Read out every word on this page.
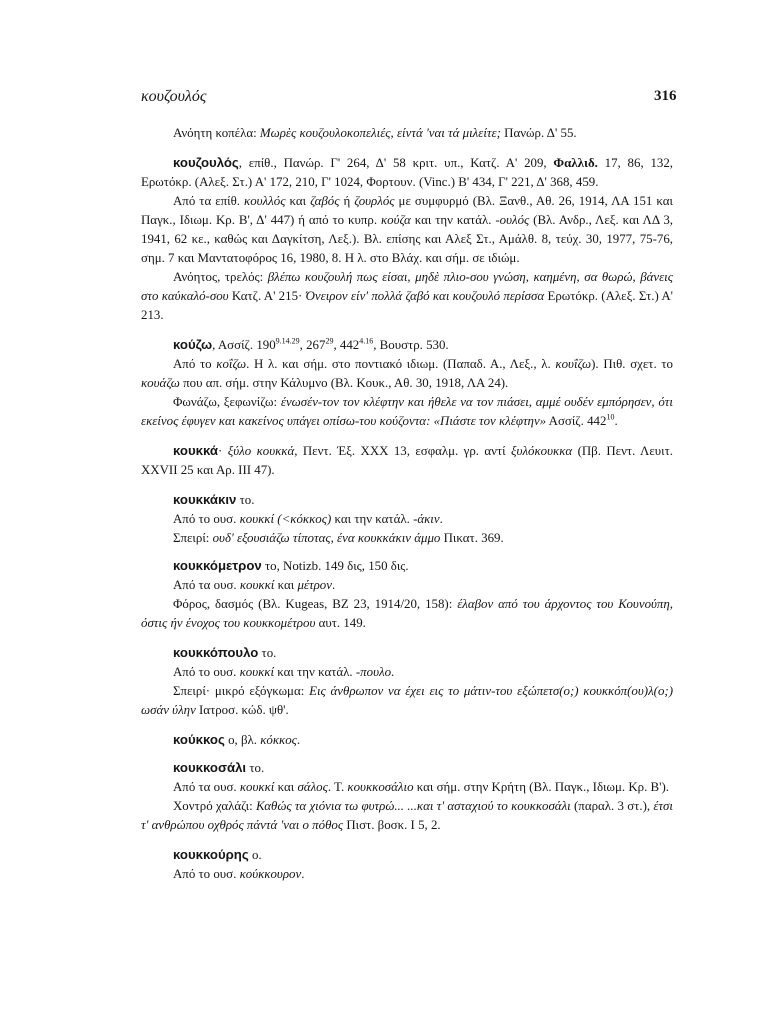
κουζουλός	316

Ανόητη κοπέλα: Μωρὲς κουζουλοκοπελιές, είντά 'ναι τά μιλείτε; Πανώρ. Δ' 55.

κουζουλός, επίθ., Πανώρ. Γ' 264, Δ' 58 κριτ. υπ., Κατζ. Α' 209, Φαλλιδ. 17, 86, 132, Ερωτόκρ. (Αλεξ. Στ.) Α' 172, 210, Γ' 1024, Φορτουν. (Vinc.) Β' 434, Γ' 221, Δ' 368, 459.

Από τα επίθ. κουλλός και ζαβός ή ζουρλός με συμφυρμό (Βλ. Ξανθ., Αθ. 26, 1914, ΛΑ 151 και Παγκ., Ιδιωμ. Κρ. Β', Δ' 447) ή από το κυπρ. κούζα και την κατάλ. -ουλός (Βλ. Ανδρ., Λεξ. και ΛΔ 3, 1941, 62 κε., καθώς και Δαγκίτση, Λεξ.). Βλ. επίσης και Αλεξ Στ., Αμάλθ. 8, τεύχ. 30, 1977, 75-76, σημ. 7 και Μαντατοφόρος 16, 1980, 8. Η λ. στο Βλάχ. και σήμ. σε ιδιώμ.

Ανόητος, τρελός: βλέπω κουζουλή πως είσαι, μηδὲ πλιο-σου γνώση, καημένη, σα θωρώ, βάνεις στο καύκαλό-σου Κατζ. Α' 215· Όνειρον είν' πολλά ζαβό και κουζουλό περίσσα Ερωτόκρ. (Αλεξ. Στ.) Α' 213.

κούζω, Ασσίζ. $190^{9.14.29}$, $267^{29}$, $442^{4.16}$, Βουστρ. 530.

Από το κοΐζω. Η λ. και σήμ. στο ποντιακό ιδιωμ. (Παπαδ. Α., Λεξ., λ. κουΐζω). Πιθ. σχετ. το κουάζω που απ. σήμ. στην Κάλυμνο (Βλ. Κουκ., Αθ. 30, 1918, ΛΑ 24).

Φωνάζω, ξεφωνίζω: ένωσέν-τον τον κλέφτην και ήθελε να τον πιάσει, αμμέ ουδέν εμπόρησεν, ότι εκείνος έφυγεν και κακείνος υπάγει οπίσω-του κούζοντα: «Πιάστε τον κλέφτην» Ασσίζ. $442^{10}$.

κουκκά· ξύλο κουκκά, Πεντ. Έξ. XXX 13, εσφαλμ. γρ. αντί ξυλόκουκκα (Πβ. Πεντ. Λευιτ. XXVII 25 και Αρ. III 47).

κουκκάκιν το.

Από το ουσ. κουκκί (<κόκκος) και την κατάλ. -άκιν.

Σπειρί: ουδ' εξουσιάζω τίποτας, ένα κουκκάκιν άμμο Πικατ. 369.

κουκκόμετρον το, Notizb. 149 δις, 150 δις.

Από τα ουσ. κουκκί και μέτρον.

Φόρος, δασμός (Βλ. Kugeas, BZ 23, 1914/20, 158): έλαβον από του άρχοντος του Κουνούπη, όστις ήν ένοχος του κουκκομέτρου αυτ. 149.

κουκκόπουλο το.

Από το ουσ. κουκκί και την κατάλ. -πουλο.

Σπειρί· μικρό εξόγκωμα: Εις άνθρωπον να έχει εις το μάτιν-του εξώπετσ(ο;) κουκκόπ(ου)λ(ο;) ωσάν ύλην Ιατροσ. κώδ. ψθ'.

κούκκος ο, βλ. κόκκος.

κουκκοσάλι το.

Από τα ουσ. κουκκί και σάλος. Τ. κουκκοσάλιο και σήμ. στην Κρήτη (Βλ. Παγκ., Ιδιωμ. Κρ. Β').

Χοντρό χαλάζι: Καθώς τα χιόνια τω φυτρώ... ...και τ' ασταχιού το κουκκοσάλι (παραλ. 3 στ.), έτσι τ' ανθρώπου οχθρός πάντά 'ναι ο πόθος Πιστ. βοσκ. I 5, 2.

κουκκούρης ο.

Από το ουσ. κούκκουρον.
